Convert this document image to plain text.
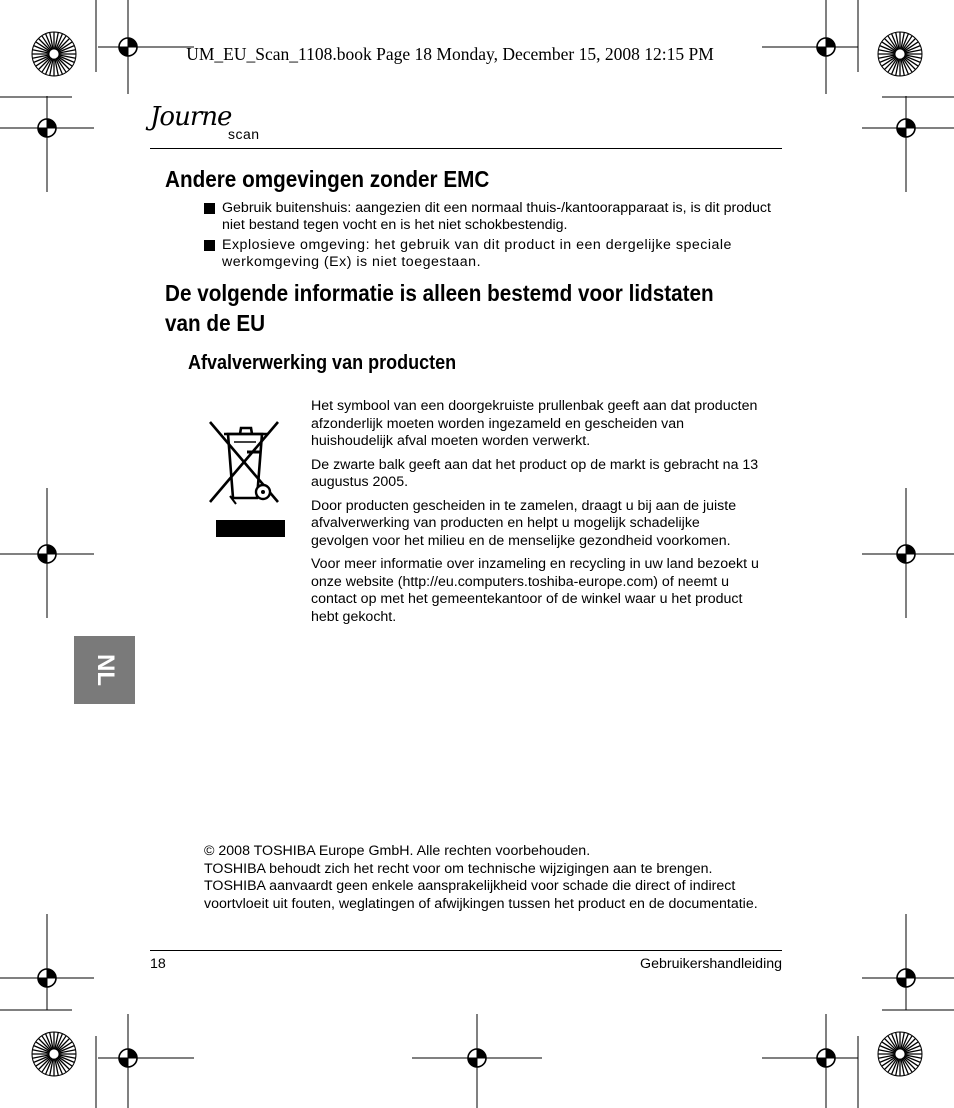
UM_EU_Scan_1108.book Page 18 Monday, December 15, 2008 12:15 PM
Journe
scan
Andere omgevingen zonder EMC
Gebruik buitenshuis: aangezien dit een normaal thuis-/kantoorapparaat is, is dit product niet bestand tegen vocht en is het niet schokbestendig.
Explosieve omgeving: het gebruik van dit product in een dergelijke speciale werkomgeving (Ex) is niet toegestaan.
De volgende informatie is alleen bestemd voor lidstaten van de EU
Afvalverwerking van producten

Het symbool van een doorgekruiste prullenbak geeft aan dat producten afzonderlijk moeten worden ingezameld en gescheiden van huishoudelijk afval moeten worden verwerkt.

De zwarte balk geeft aan dat het product op de markt is gebracht na 13 augustus 2005.

Door producten gescheiden in te zamelen, draagt u bij aan de juiste afvalverwerking van producten en helpt u mogelijk schadelijke gevolgen voor het milieu en de menselijke gezondheid voorkomen.

Voor meer informatie over inzameling en recycling in uw land bezoekt u onze website (http://eu.computers.toshiba-europe.com) of neemt u contact op met het gemeentekantoor of de winkel waar u het product hebt gekocht.

NL
© 2008 TOSHIBA Europe GmbH. Alle rechten voorbehouden.
TOSHIBA behoudt zich het recht voor om technische wijzigingen aan te brengen.
TOSHIBA aanvaardt geen enkele aansprakelijkheid voor schade die direct of indirect voortvloeit uit fouten, weglatingen of afwijkingen tussen het product en de documentatie.
18	Gebruikershandleiding
